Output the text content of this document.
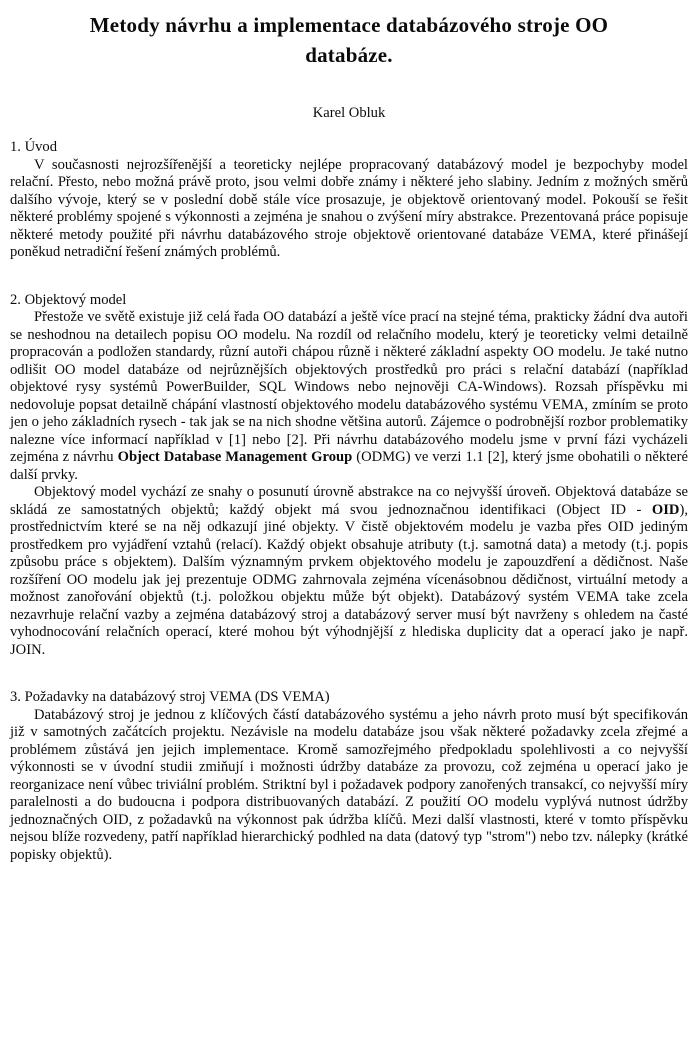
Metody návrhu a implementace databázového stroje OO databáze.
Karel Obluk
1. Úvod

V současnosti nejrozšířenější a teoreticky nejlépe propracovaný databázový model je bezpochyby model relační. Přesto, nebo možná právě proto, jsou velmi dobře známy i některé jeho slabiny. Jedním z možných směrů dalšího vývoje, který se v poslední době stále více prosazuje, je objektově orientovaný model. Pokouší se řešit některé problémy spojené s výkonnosti a zejména je snahou o zvýšení míry abstrakce. Prezentovaná práce popisuje některé metody použité při návrhu databázového stroje objektově orientované databáze VEMA, které přinášejí poněkud netradiční řešení známých problémů.

2. Objektový model

Přestože ve světě existuje již celá řada OO databází a ještě více prací na stejné téma, prakticky žádní dva autoři se neshodnou na detailech popisu OO modelu. Na rozdíl od relačního modelu, který je teoreticky velmi detailně propracován a podložen standardy, různí autoři chápou různě i některé základní aspekty OO modelu. Je také nutno odlišit OO model databáze od nejrůznějších objektových prostředků pro práci s relační databází (například objektové rysy systémů PowerBuilder, SQL Windows nebo nejnověji CA-Windows). Rozsah příspěvku mi nedovoluje popsat detailně chápání vlastností objektového modelu databázového systému VEMA, zmíním se proto jen o jeho základních rysech - tak jak se na nich shodne většina autorů. Zájemce o podrobnější rozbor problematiky nalezne více informací například v [1] nebo [2]. Při návrhu databázového modelu jsme v první fázi vycházeli zejména z návrhu Object Database Management Group (ODMG) ve verzi 1.1 [2], který jsme obohatili o některé další prvky.

Objektový model vychází ze snahy o posunutí úrovně abstrakce na co nejvyšší úroveň. Objektová databáze se skládá ze samostatných objektů; každý objekt má svou jednoznačnou identifikaci (Object ID - OID), prostřednictvím které se na něj odkazují jiné objekty. V čistě objektovém modelu je vazba přes OID jediným prostředkem pro vyjádření vztahů (relací). Každý objekt obsahuje atributy (t.j. samotná data) a metody (t.j. popis způsobu práce s objektem). Dalším významným prvkem objektového modelu je zapouzdření a dědičnost. Naše rozšíření OO modelu jak jej prezentuje ODMG zahrnovala zejména vícenásobnou dědičnost, virtuální metody a možnost zanořování objektů (t.j. položkou objektu může být objekt). Databázový systém VEMA take zcela nezavrhuje relační vazby a zejména databázový stroj a databázový server musí být navrženy s ohledem na časté vyhodnocování relačních operací, které mohou být výhodnjější z hlediska duplicity dat a operací jako je např. JOIN.

3. Požadavky na databázový stroj VEMA (DS VEMA)

Databázový stroj je jednou z klíčových částí databázového systému a jeho návrh proto musí být specifikován již v samotných začátcích projektu. Nezávisle na modelu databáze jsou však některé požadavky zcela zřejmé a problémem zůstává jen jejich implementace. Kromě samozřejmého předpokladu spolehlivosti a co nejvyšší výkonnosti se v úvodní studii zmiňují i možnosti údržby databáze za provozu, což zejména u operací jako je reorganizace není vůbec triviální problém. Striktní byl i požadavek podpory zanořených transakcí, co nejvyšší míry paralelnosti a do budoucna i podpora distribuovaných databází. Z použití OO modelu vyplývá nutnost údržby jednoznačných OID, z požadavků na výkonnost pak údržba klíčů. Mezi další vlastnosti, které v tomto příspěvku nejsou blíže rozvedeny, patří například hierarchický podhled na data (datový typ "strom") nebo tzv. nálepky (krátké popisky objektů).
